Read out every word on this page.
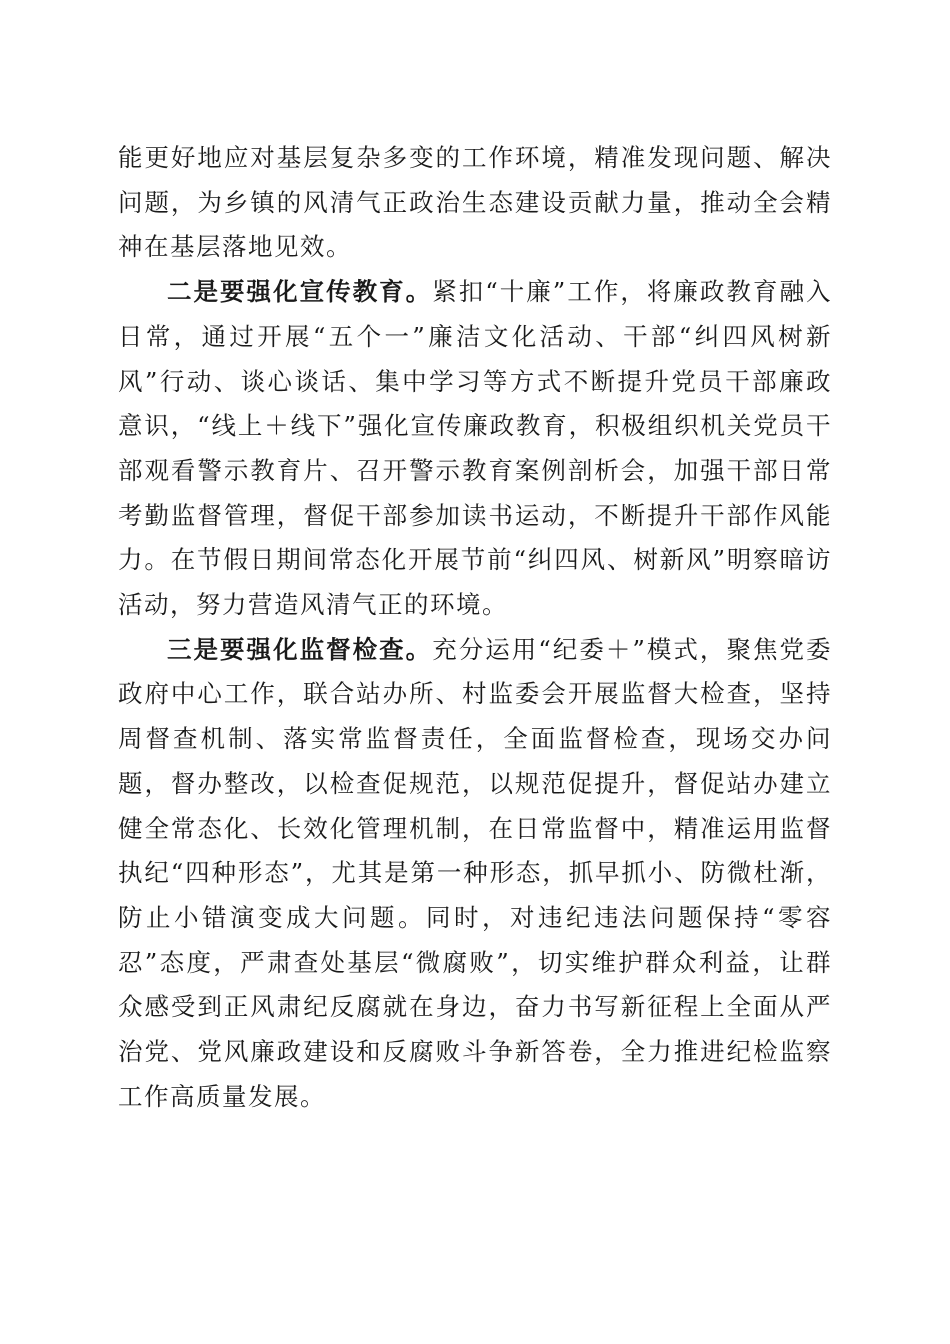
能更好地应对基层复杂多变的工作环境，精准发现问题、解决问题，为乡镇的风清气正政治生态建设贡献力量，推动全会精神在基层落地见效。

二是要强化宣传教育。紧扣“十廉”工作，将廉政教育融入日常，通过开展“五个一”廉洁文化活动、干部“纠四风树新风”行动、谈心谈话、集中学习等方式不断提升党员干部廉政意识，“线上＋线下”强化宣传廉政教育，积极组织机关党员干部观看警示教育片、召开警示教育案例剖析会，加强干部日常考勤监督管理，督促干部参加读书运动，不断提升干部作风能力。在节假日期间常态化开展节前“纠四风、树新风”明察暗访活动，努力营造风清气正的环境。

三是要强化监督检查。充分运用“纪委＋”模式，聚焦党委政府中心工作，联合站办所、村监委会开展监督大检查，坚持周督查机制、落实常监督责任，全面监督检查，现场交办问题，督办整改，以检查促规范，以规范促提升，督促站办建立健全常态化、长效化管理机制，在日常监督中，精准运用监督执纪“四种形态”，尤其是第一种形态，抓早抓小、防微杜渐，防止小错演变成大问题。同时，对违纪违法问题保持“零容忍”态度，严肃查处基层“微腐败”，切实维护群众利益，让群众感受到正风肃纪反腐就在身边，奋力书写新征程上全面从严治党、党风廉政建设和反腐败斗争新答卷，全力推进纪检监察工作高质量发展。
